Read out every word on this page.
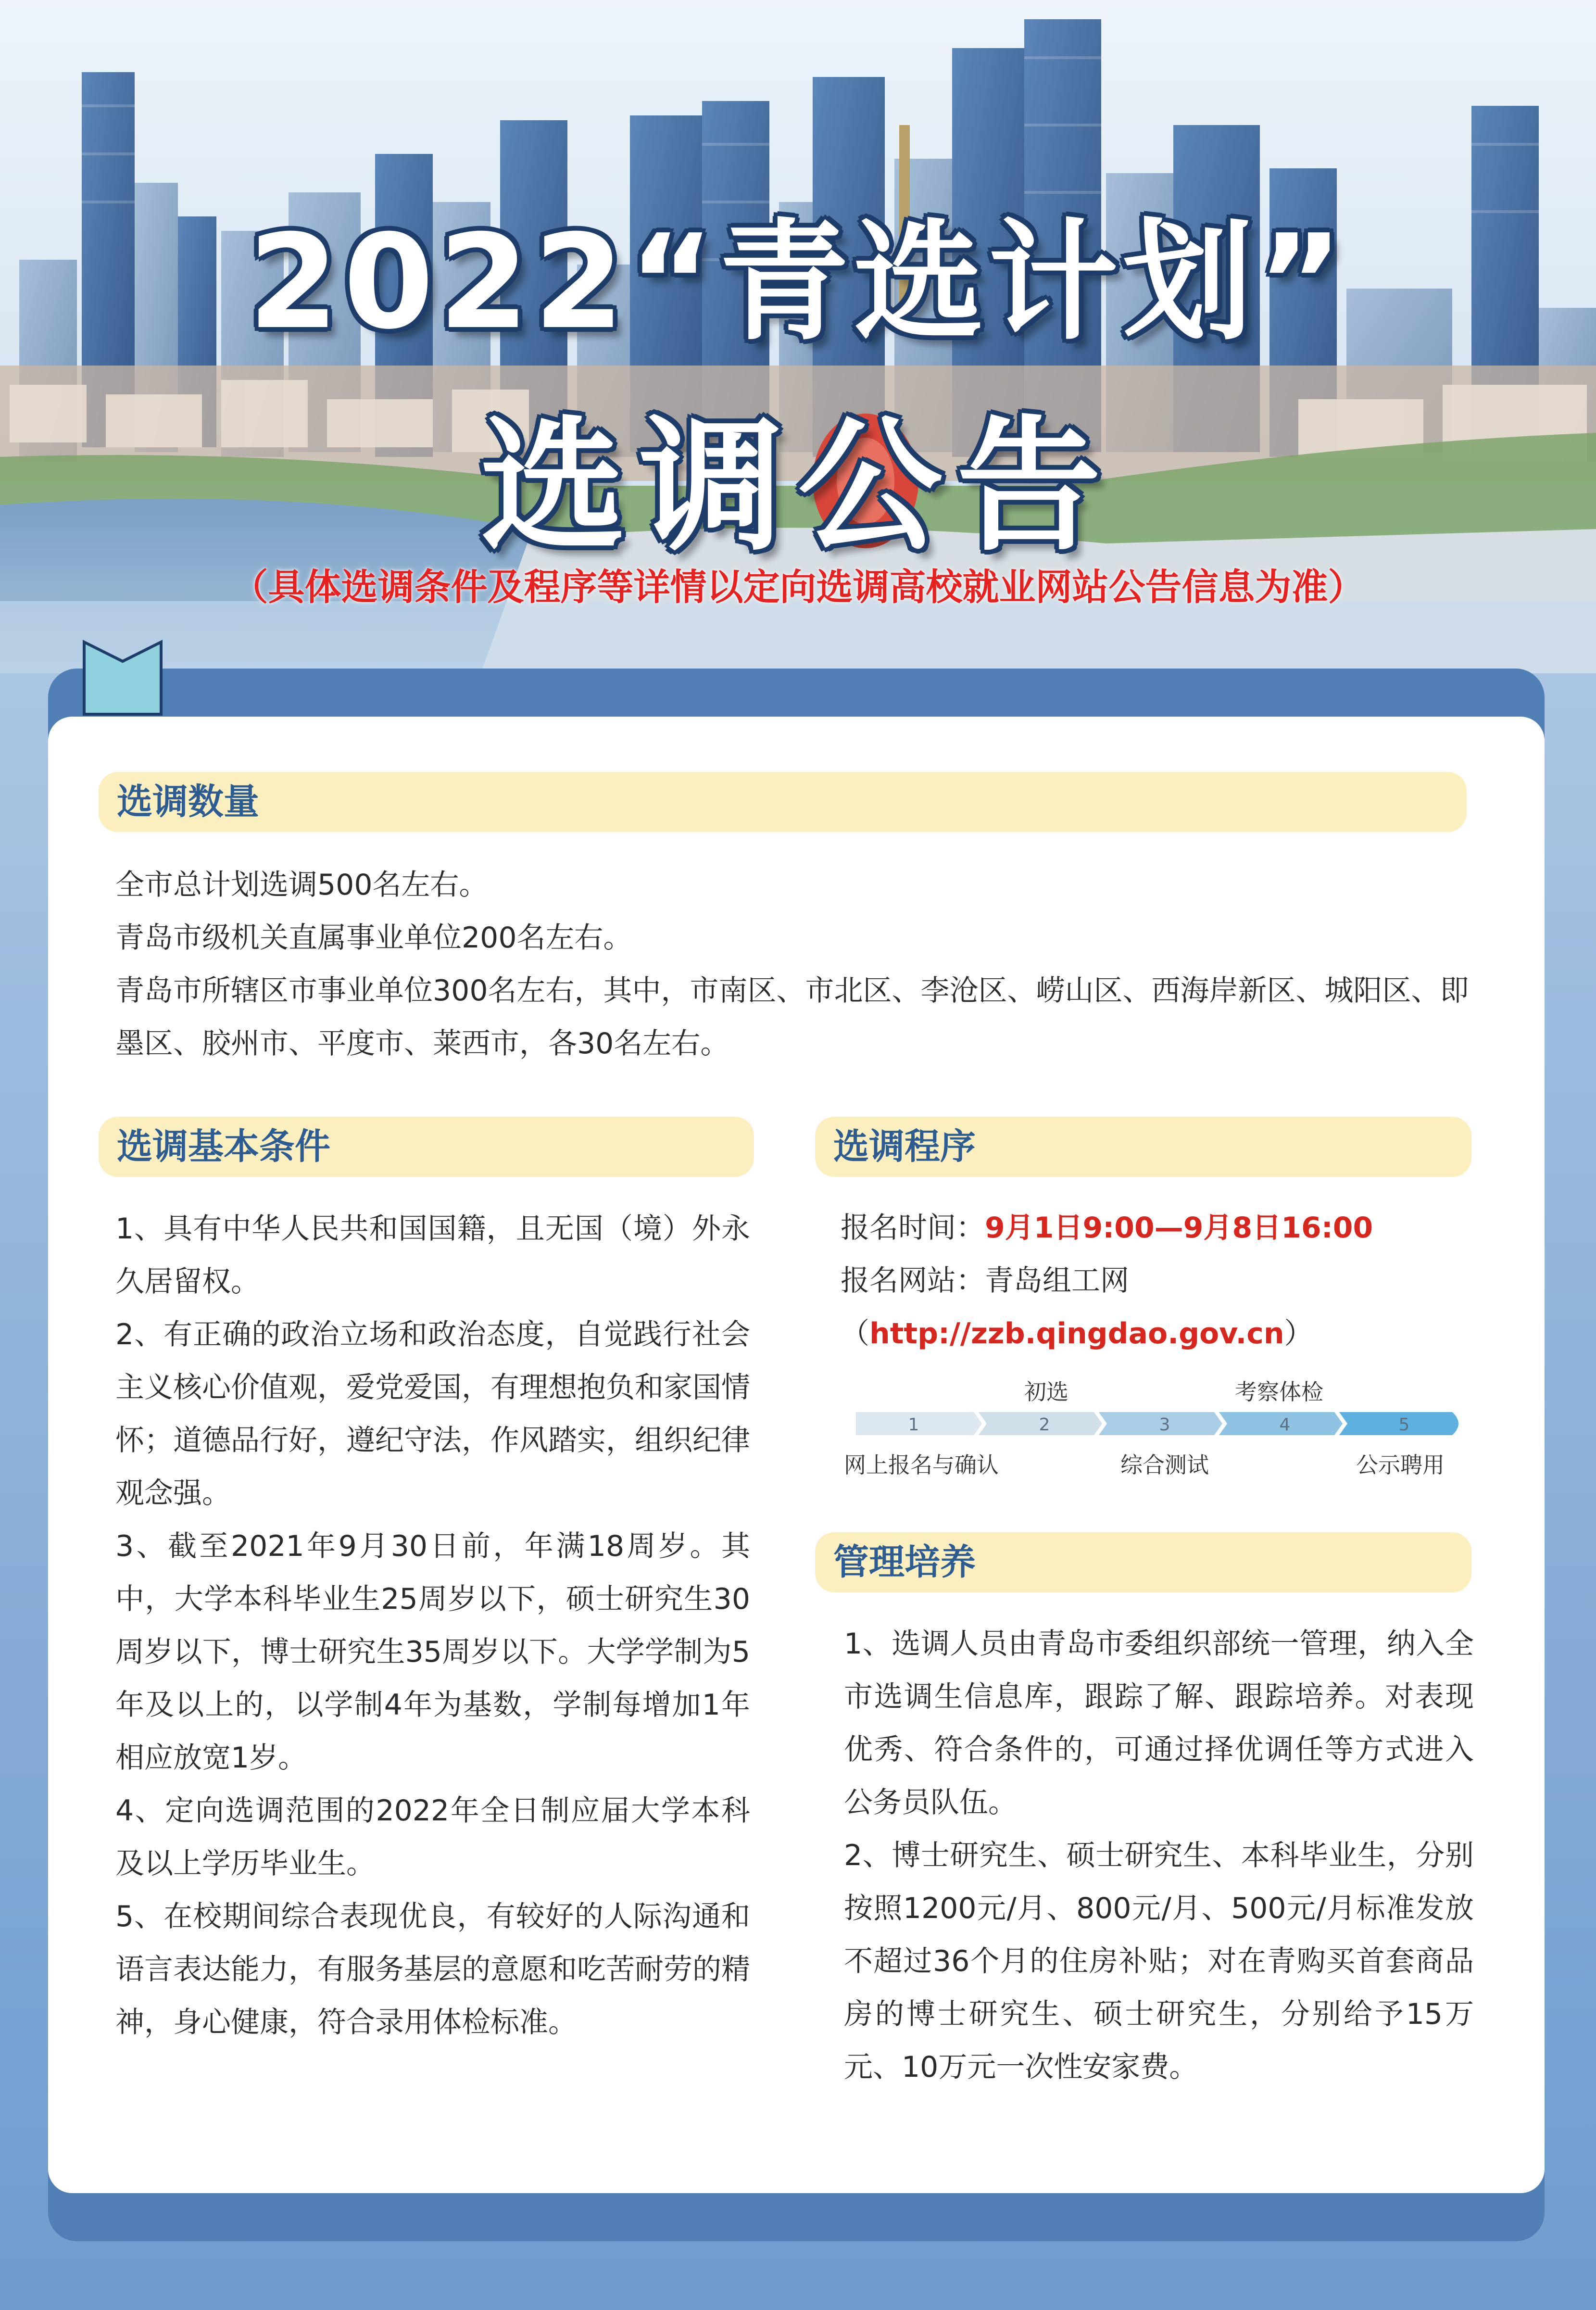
2022“青选计划”
选调公告
（具体选调条件及程序等详情以定向选调高校就业网站公告信息为准）
选调数量

全市总计划选调500名左右。

青岛市级机关直属事业单位200名左右。

青岛市所辖区市事业单位300名左右，其中，市南区、市北区、李沧区、崂山区、西海岸新区、城阳区、即墨区、胶州市、平度市、莱西市，各30名左右。

选调基本条件

1、具有中华人民共和国国籍，且无国（境）外永久居留权。

2、有正确的政治立场和政治态度，自觉践行社会主义核心价值观，爱党爱国，有理想抱负和家国情怀；道德品行好，遵纪守法，作风踏实，组织纪律观念强。

3、截至2021年9月30日前，年满18周岁。其中，大学本科毕业生25周岁以下，硕士研究生30周岁以下，博士研究生35周岁以下。大学学制为5年及以上的，以学制4年为基数，学制每增加1年相应放宽1岁。

4、定向选调范围的2022年全日制应届大学本科及以上学历毕业生。

5、在校期间综合表现优良，有较好的人际沟通和语言表达能力，有服务基层的意愿和吃苦耐劳的精神，身心健康，符合录用体检标准。

选调程序

报名时间：9月1日9:00—9月8日16:00

报名网站：青岛组工网

（http://zzb.qingdao.gov.cn）

初选	考察体检
1	2	3	4	5
网上报名与确认	综合测试	公示聘用
管理培养

1、选调人员由青岛市委组织部统一管理，纳入全市选调生信息库，跟踪了解、跟踪培养。对表现优秀、符合条件的，可通过择优调任等方式进入公务员队伍。

2、博士研究生、硕士研究生、本科毕业生，分别按照1200元/月、800元/月、500元/月标准发放不超过36个月的住房补贴；对在青购买首套商品房的博士研究生、硕士研究生，分别给予15万元、10万元一次性安家费。
